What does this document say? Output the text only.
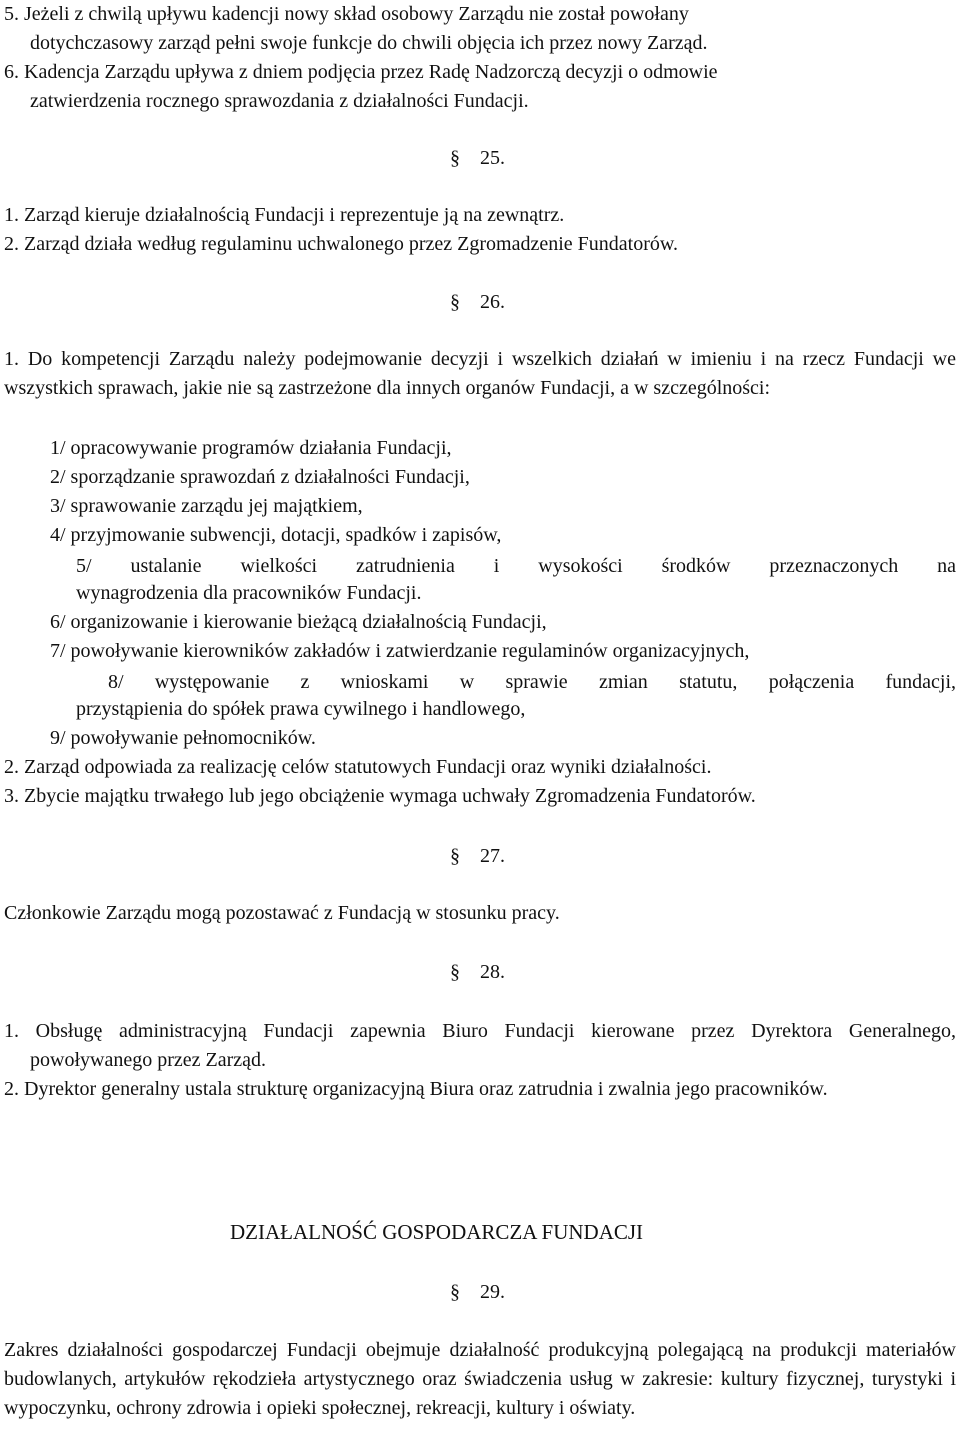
5. Jeżeli z chwilą upływu kadencji nowy skład osobowy Zarządu nie został powołany
dotychczasowy zarząd pełni swoje funkcje do chwili objęcia ich przez nowy Zarząd.
6. Kadencja Zarządu upływa z dniem podjęcia przez Radę Nadzorczą decyzji o odmowie
zatwierdzenia rocznego sprawozdania z działalności Fundacji.
§ 25.
1. Zarząd kieruje działalnością Fundacji i reprezentuje ją na zewnątrz.
2. Zarząd działa według regulaminu uchwalonego przez Zgromadzenie Fundatorów.
§ 26.
1. Do kompetencji Zarządu należy podejmowanie decyzji i wszelkich działań w imieniu i na rzecz Fundacji we wszystkich sprawach, jakie nie są zastrzeżone dla innych organów Fundacji, a w szczególności:
1/ opracowywanie programów działania Fundacji,
2/ sporządzanie sprawozdań z działalności Fundacji,
3/ sprawowanie zarządu jej majątkiem,
4/ przyjmowanie subwencji, dotacji, spadków i zapisów,
5/ ustalanie wielkości zatrudnienia i wysokości środków przeznaczonych na
wynagrodzenia dla pracowników Fundacji.
6/ organizowanie i kierowanie bieżącą działalnością Fundacji,
7/ powoływanie kierowników zakładów i zatwierdzanie regulaminów organizacyjnych,
8/ występowanie z wnioskami w sprawie zmian statutu, połączenia fundacji,
przystąpienia do spółek prawa cywilnego i handlowego,
9/ powoływanie pełnomocników.
2. Zarząd odpowiada za realizację celów statutowych Fundacji oraz wyniki działalności.
3. Zbycie majątku trwałego lub jego obciążenie wymaga uchwały Zgromadzenia Fundatorów.
§ 27.
Członkowie Zarządu mogą pozostawać z Fundacją w stosunku pracy.
§ 28.
1. Obsługę administracyjną Fundacji zapewnia Biuro Fundacji kierowane przez Dyrektora Generalnego, powoływanego przez Zarząd.
2. Dyrektor generalny ustala strukturę organizacyjną Biura oraz zatrudnia i zwalnia jego pracowników.
DZIAŁALNOŚĆ GOSPODARCZA FUNDACJI
§ 29.
Zakres działalności gospodarczej Fundacji obejmuje działalność produkcyjną polegającą na produkcji materiałów budowlanych, artykułów rękodzieła artystycznego oraz świadczenia usług w zakresie: kultury fizycznej, turystyki i wypoczynku, ochrony zdrowia i opieki społecznej, rekreacji, kultury i oświaty.
